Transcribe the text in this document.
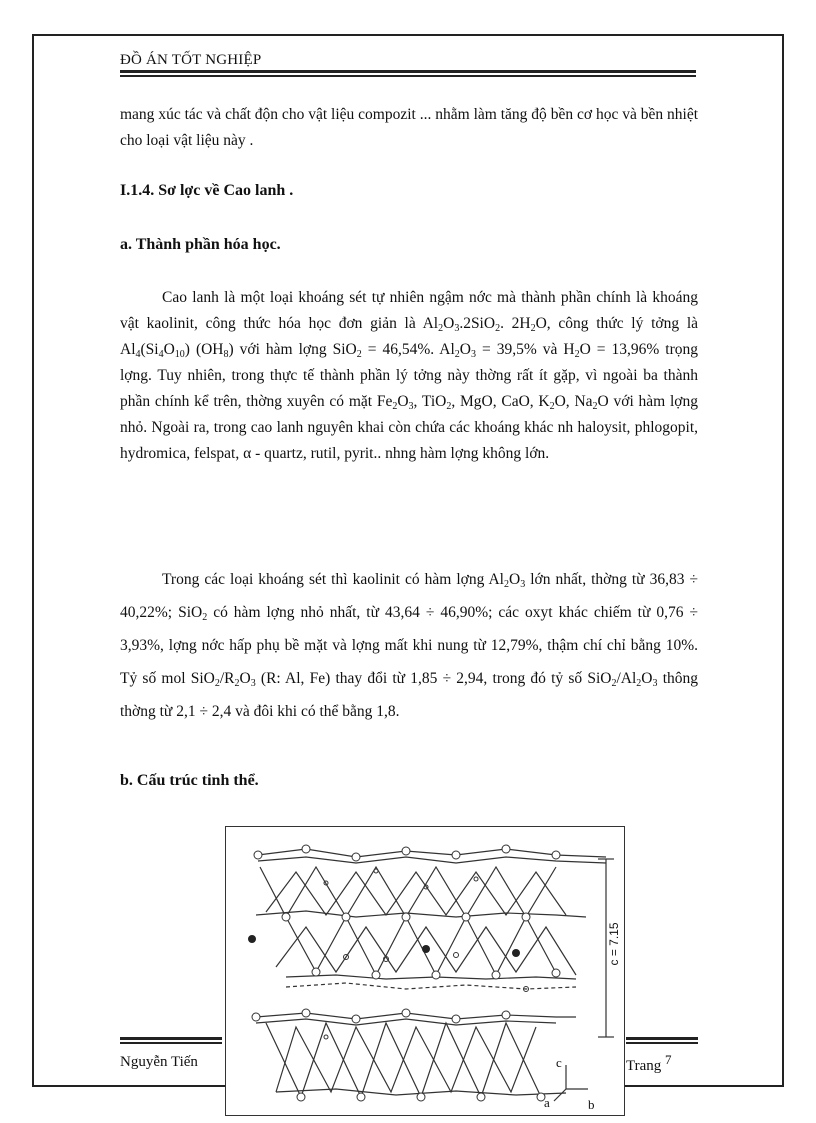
ĐỒ ÁN TỐT NGHIỆP
mang xúc tác và chất độn cho vật liệu compozit ... nhằm làm tăng độ bền cơ học và bền nhiệt cho loại vật liệu này .
I.1.4. Sơ lợc về Cao lanh .
a. Thành phần hóa học.
Cao lanh là một loại khoáng sét tự nhiên ngậm nớc mà thành phần chính là khoáng vật kaolinit, công thức hóa học đơn giản là $Al_2O_3.2SiO_2$. $2H_2O$, công thức lý tởng là $Al_4(Si_4O_{10})$ $(OH_8)$ với hàm lợng SiO$_2$ = 46,54%. $Al_2O_3 = 39,5\%$ và $H_2O = 13,96\%$ trọng lợng. Tuy nhiên, trong thực tế thành phần lý tởng này thờng rất ít gặp, vì ngoài ba thành phần chính kể trên, thờng xuyên có mặt $Fe_2O_3$, TiO$_2$, MgO, CaO, $K_2O$, $Na_2O$ với hàm lợng nhỏ. Ngoài ra, trong cao lanh nguyên khai còn chứa các khoáng khác nh haloysit, phlogopit, hydromica, felspat, α - quartz, rutil, pyrit.. nhng hàm lợng không lớn.
Trong các loại khoáng sét thì kaolinit có hàm lợng $Al_2O_3$ lớn nhất, thờng từ 36,83 ÷ 40,22%; SiO$_2$ có hàm lợng nhỏ nhất, từ 43,64 ÷ 46,90%; các oxyt khác chiếm từ 0,76 ÷ 3,93%, lợng nớc hấp phụ bề mặt và lợng mất khi nung từ 12,79%, thậm chí chỉ bằng 10%. Tỷ số mol $SiO_2/R_2O_3$ (R: Al, Fe) thay đổi từ 1,85 ÷ 2,94, trong đó tỷ số $SiO_2/Al_2O_3$ thông thờng từ 2,1 ÷ 2,4 và đôi khi có thể bằng 1,8.
b. Cấu trúc tinh thể.
c = 7.15
a	b
c
Nguyễn Tiến	Trang $^7$
